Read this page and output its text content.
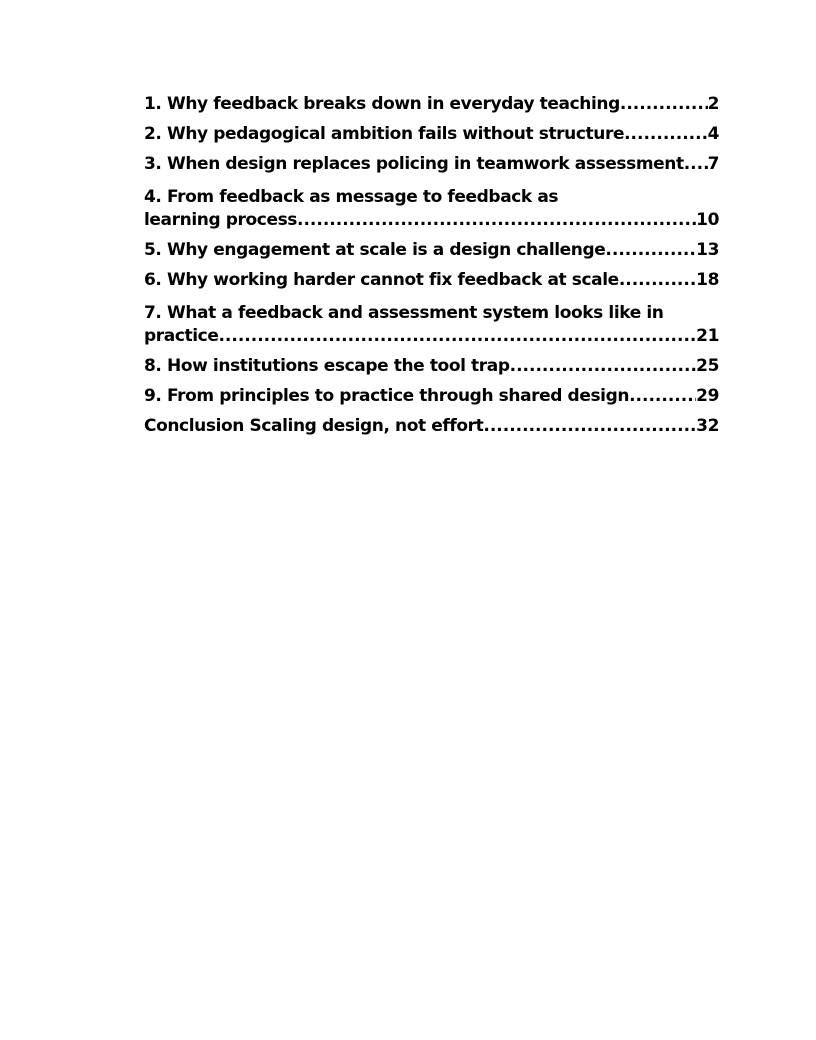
1. Why feedback breaks down in everyday teaching .....	2
2. Why pedagogical ambition fails without structure .....	4
3. When design replaces policing in teamwork assessment ..... 7
4. From feedback as message to feedback as
learning process .....	10
5. Why engagement at scale is a design challenge .....	13
6. Why working harder cannot fix feedback at scale .....	18
7. What a feedback and assessment system looks like in
practice .....	21
8. How institutions escape the tool trap .....	25
9. From principles to practice through shared design .....	29
Conclusion Scaling design, not effort .....	32
